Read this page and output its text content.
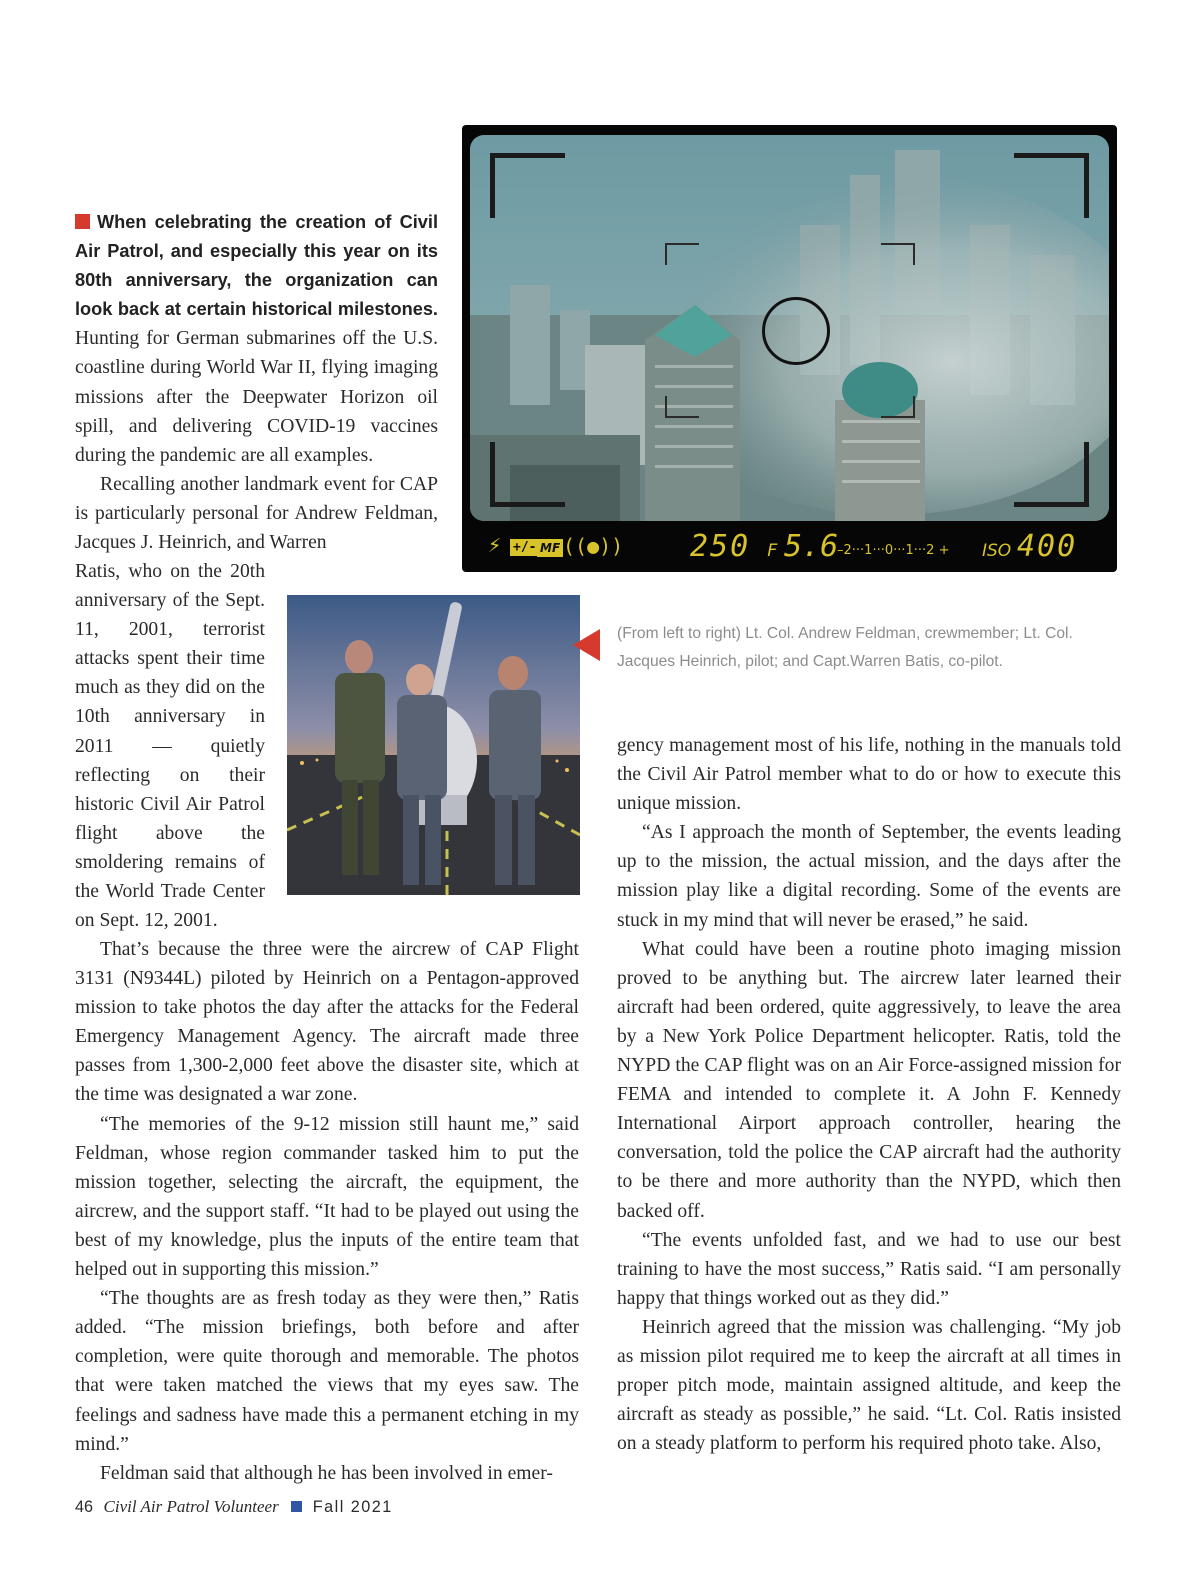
⚡ +/- MF ((●)) 250 F 5.6
–2···1···0···1···2 + ISO 400

When celebrating the creation of Civil Air Patrol, and especially this year on its 80th anniversary, the organization can look back at certain historical milestones. Hunting for German submarines off the U.S. coastline during World War II, flying imaging missions after the Deepwater Horizon oil spill, and delivering COVID-19 vaccines during the pandemic are all examples.

Recalling another landmark event for CAP is particularly personal for Andrew Feldman, Jacques J. Heinrich, and Warren

Ratis, who on the 20th anniversary of the Sept. 11, 2001, terrorist attacks spent their time much as they did on the 10th anniversary in 2011 — quietly reflecting on their historic Civil Air Patrol flight above the smoldering remains of the World Trade Center on Sept. 12, 2001.

(From left to right) Lt. Col. Andrew Feldman, crewmember; Lt. Col. Jacques Heinrich, pilot; and Capt.Warren Batis, co-pilot.

That’s because the three were the aircrew of CAP Flight 3131 (N9344L) piloted by Heinrich on a Pentagon-approved mission to take photos the day after the attacks for the Federal Emergency Management Agency. The aircraft made three passes from 1,300-2,000 feet above the disaster site, which at the time was designated a war zone.

“The memories of the 9-12 mission still haunt me,” said Feldman, whose region commander tasked him to put the mission together, selecting the aircraft, the equipment, the aircrew, and the support staff. “It had to be played out using the best of my knowledge, plus the inputs of the entire team that helped out in supporting this mission.”

“The thoughts are as fresh today as they were then,” Ratis added. “The mission briefings, both before and after completion, were quite thorough and memorable. The photos that were taken matched the views that my eyes saw. The feelings and sadness have made this a permanent etching in my mind.”

Feldman said that although he has been involved in emer-

gency management most of his life, nothing in the manuals told the Civil Air Patrol member what to do or how to execute this unique mission.

“As I approach the month of September, the events leading up to the mission, the actual mission, and the days after the mission play like a digital recording. Some of the events are stuck in my mind that will never be erased,” he said.

What could have been a routine photo imaging mission proved to be anything but. The aircrew later learned their aircraft had been ordered, quite aggressively, to leave the area by a New York Police Department helicopter. Ratis, told the NYPD the CAP flight was on an Air Force-assigned mission for FEMA and intended to complete it. A John F. Kennedy International Airport approach controller, hearing the conversation, told the police the CAP aircraft had the authority to be there and more authority than the NYPD, which then backed off.

“The events unfolded fast, and we had to use our best training to have the most success,” Ratis said. “I am personally happy that things worked out as they did.”

Heinrich agreed that the mission was challenging. “My job as mission pilot required me to keep the aircraft at all times in proper pitch mode, maintain assigned altitude, and keep the aircraft as steady as possible,” he said. “Lt. Col. Ratis insisted on a steady platform to perform his required photo take. Also,

46 Civil Air Patrol Volunteer Fall 2021
